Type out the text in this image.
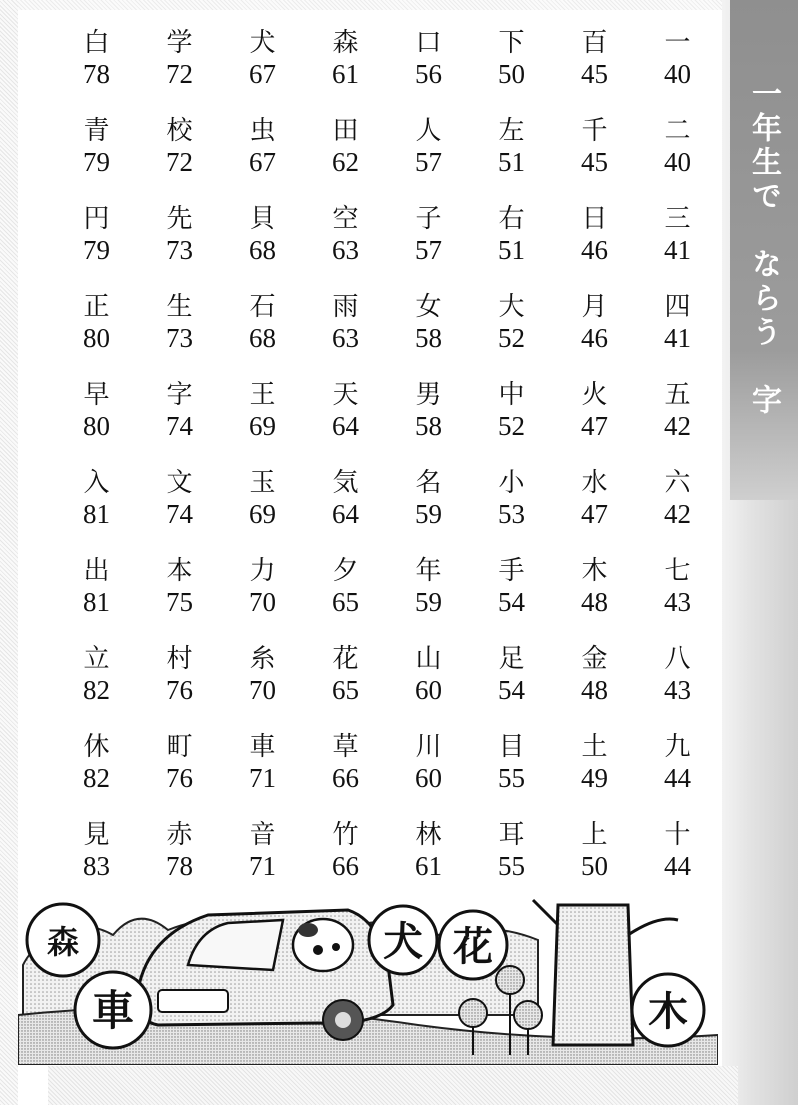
一年生で　ならう　字
白
78
学
72
犬
67
森
61
口
56
下
50
百
45
一
40
青
79
校
72
虫
67
田
62
人
57
左
51
千
45
二
40
円
79
先
73
貝
68
空
63
子
57
右
51
日
46
三
41
正
80
生
73
石
68
雨
63
女
58
大
52
月
46
四
41
早
80
字
74
王
69
天
64
男
58
中
52
火
47
五
42
入
81
文
74
玉
69
気
64
名
59
小
53
水
47
六
42
出
81
本
75
力
70
夕
65
年
59
手
54
木
48
七
43
立
82
村
76
糸
70
花
65
山
60
足
54
金
48
八
43
休
82
町
76
車
71
草
66
川
60
目
55
土
49
九
44
見
83
赤
78
音
71
竹
66
林
61
耳
55
上
50
十
44
森
車
犬 花
木
